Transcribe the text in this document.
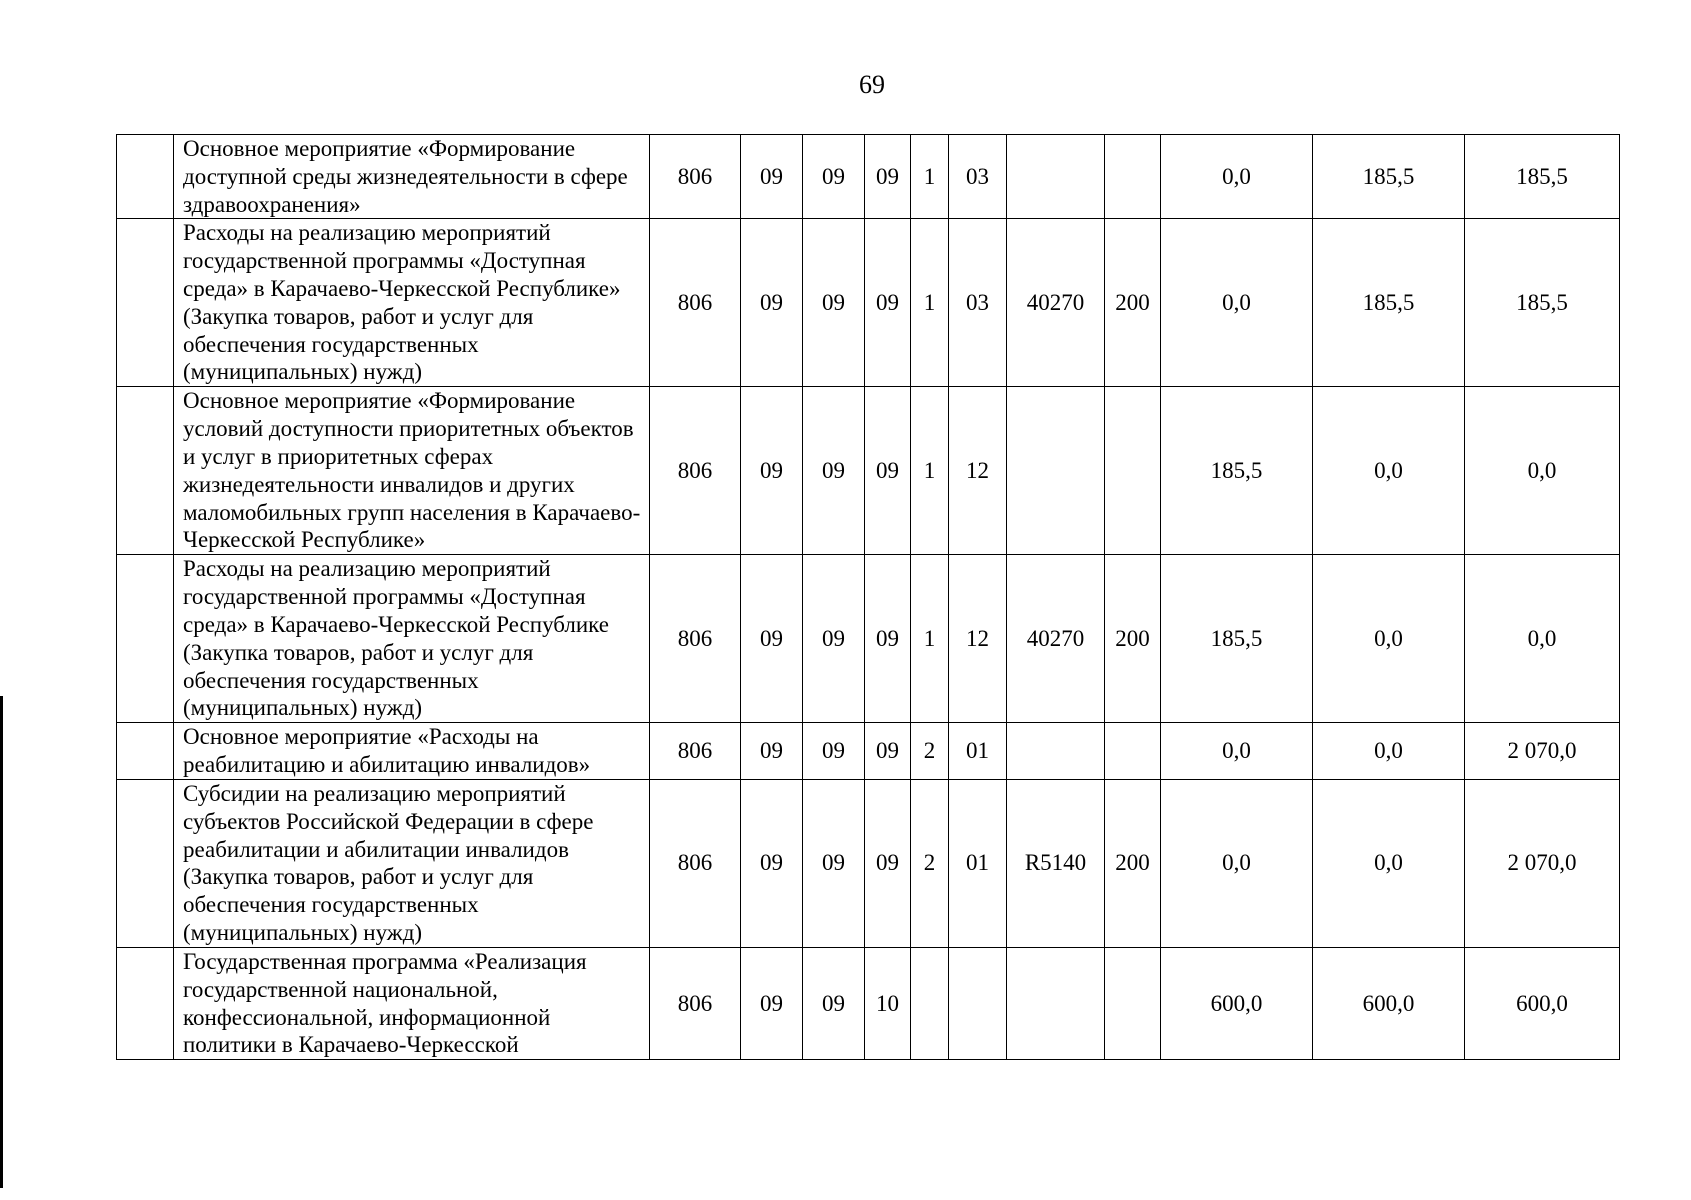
69
	Основное мероприятие «Формирование доступной среды жизнедеятельности в сфере здравоохранения»	806	09	09	09	1	03			0,0	185,5	185,5
	Расходы на реализацию мероприятий государственной программы «Доступная среда» в Карачаево-Черкесской Республике» (Закупка товаров, работ и услуг для обеспечения государственных (муниципальных) нужд)	806	09	09	09	1	03	40270	200	0,0	185,5	185,5
	Основное мероприятие «Формирование условий доступности приоритетных объектов и услуг в приоритетных сферах жизнедеятельности инвалидов и других маломобильных групп населения в Карачаево-Черкесской Республике»	806	09	09	09	1	12			185,5	0,0	0,0
	Расходы на реализацию мероприятий государственной программы «Доступная среда» в Карачаево-Черкесской Республике (Закупка товаров, работ и услуг для обеспечения государственных (муниципальных) нужд)	806	09	09	09	1	12	40270	200	185,5	0,0	0,0
	Основное мероприятие «Расходы на реабилитацию и абилитацию инвалидов»	806	09	09	09	2	01			0,0	0,0	2 070,0
	Субсидии на реализацию мероприятий субъектов Российской Федерации в сфере реабилитации и абилитации инвалидов (Закупка товаров, работ и услуг для обеспечения государственных (муниципальных) нужд)	806	09	09	09	2	01	R5140	200	0,0	0,0	2 070,0
	Государственная программа «Реализация государственной национальной, конфессиональной, информационной политики в Карачаево-Черкесской	806	09	09	10					600,0	600,0	600,0
